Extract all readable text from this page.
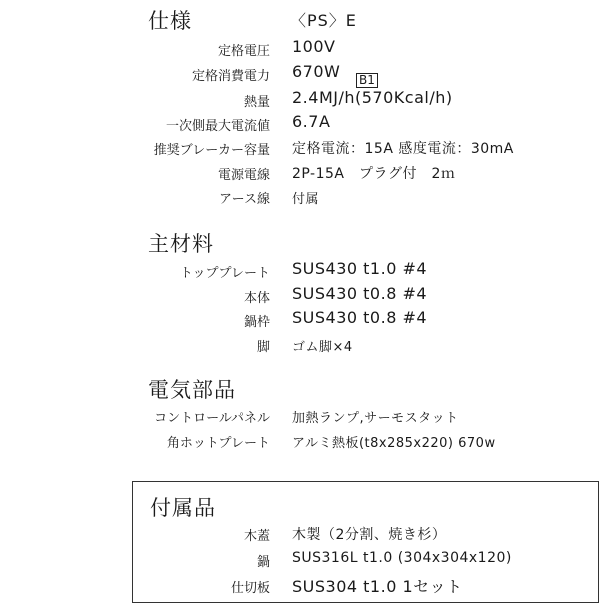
仕様	〈PS〉E
B1
定格電圧 100V
定格消費電力 670W
熱量 2.4MJ/h(570Kcal/h)
一次側最大電流値 6.7A
推奨ブレーカー容量 定格電流：15A 感度電流：30mA
電源電線 2P-15A　プラグ付　2ｍ
アース線 付属
主材料
トッププレート SUS430 t1.0 #4
本体 SUS430 t0.8 #4
鍋枠 SUS430 t0.8 #4
脚 ゴム脚×4
電気部品
コントロールパネル 加熱ランプ,サーモスタット
角ホットプレート アルミ熱板(t8x285x220) 670w
付属品
木蓋 木製（2分割、焼き杉）
鍋 SUS316L t1.0 (304x304x120)
仕切板 SUS304 t1.0 1セット
